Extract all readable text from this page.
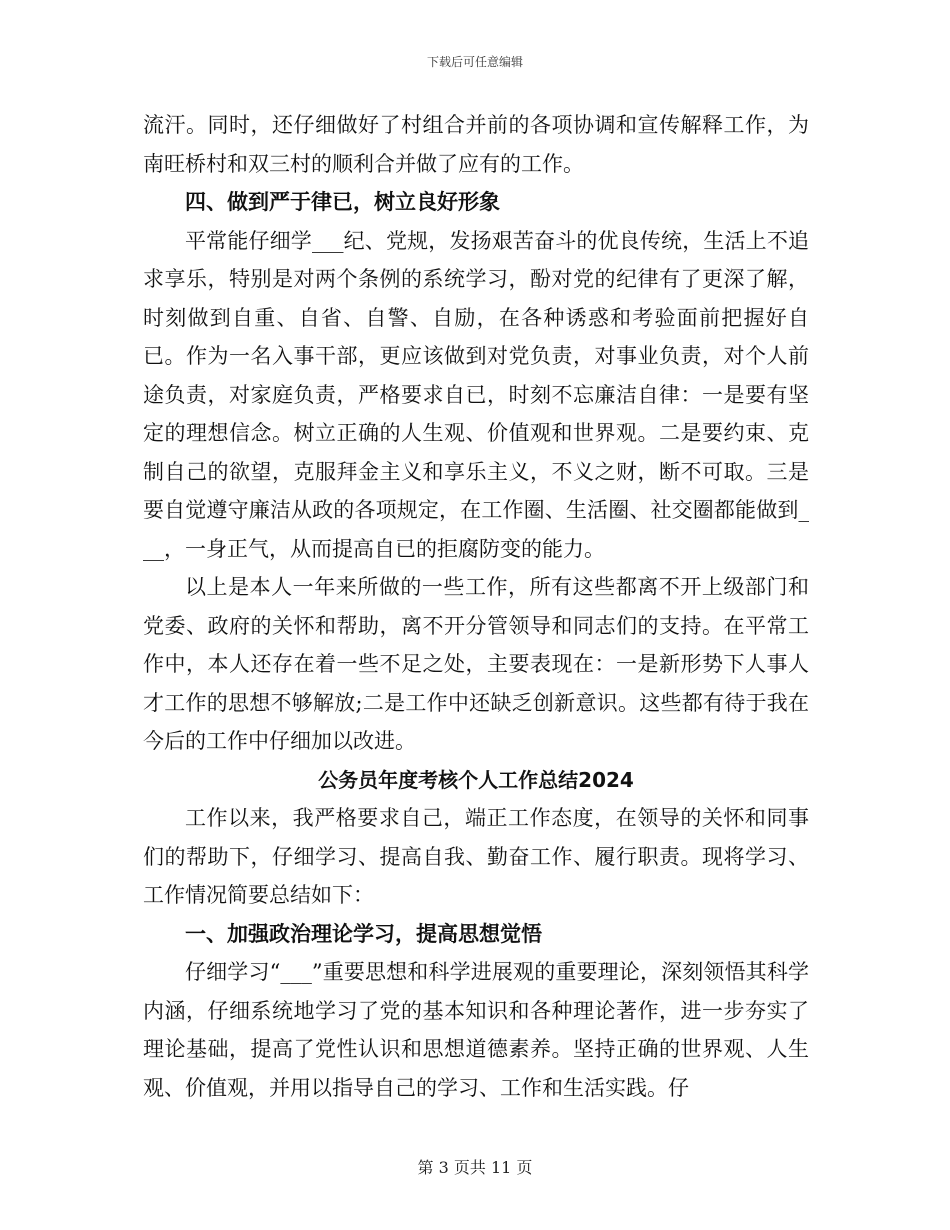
下载后可任意编辑

流汗。同时，还仔细做好了村组合并前的各项协调和宣传解释工作，为南旺桥村和双三村的顺利合并做了应有的工作。

四、做到严于律已，树立良好形象

平常能仔细学___纪、党规，发扬艰苦奋斗的优良传统，生活上不追求享乐，特别是对两个条例的系统学习，酚对党的纪律有了更深了解，时刻做到自重、自省、自警、自励，在各种诱惑和考验面前把握好自已。作为一名入事干部，更应该做到对党负责，对事业负责，对个人前途负责，对家庭负责，严格要求自已，时刻不忘廉洁自律：一是要有坚定的理想信念。树立正确的人生观、价值观和世界观。二是要约束、克制自己的欲望，克服拜金主义和享乐主义，不义之财，断不可取。三是要自觉遵守廉洁从政的各项规定，在工作圈、生活圈、社交圈都能做到___，一身正气，从而提高自已的拒腐防变的能力。

以上是本人一年来所做的一些工作，所有这些都离不开上级部门和党委、政府的关怀和帮助，离不开分管领导和同志们的支持。在平常工作中，本人还存在着一些不足之处，主要表现在：一是新形势下人事人才工作的思想不够解放;二是工作中还缺乏创新意识。这些都有待于我在今后的工作中仔细加以改进。

公务员年度考核个人工作总结2024

工作以来，我严格要求自己，端正工作态度，在领导的关怀和同事们的帮助下，仔细学习、提高自我、勤奋工作、履行职责。现将学习、工作情况简要总结如下：

一、加强政治理论学习，提高思想觉悟

仔细学习“___”重要思想和科学进展观的重要理论，深刻领悟其科学内涵，仔细系统地学习了党的基本知识和各种理论著作，进一步夯实了理论基础，提高了党性认识和思想道德素养。坚持正确的世界观、人生观、价值观，并用以指导自己的学习、工作和生活实践。仔

第 3 页共 11 页
